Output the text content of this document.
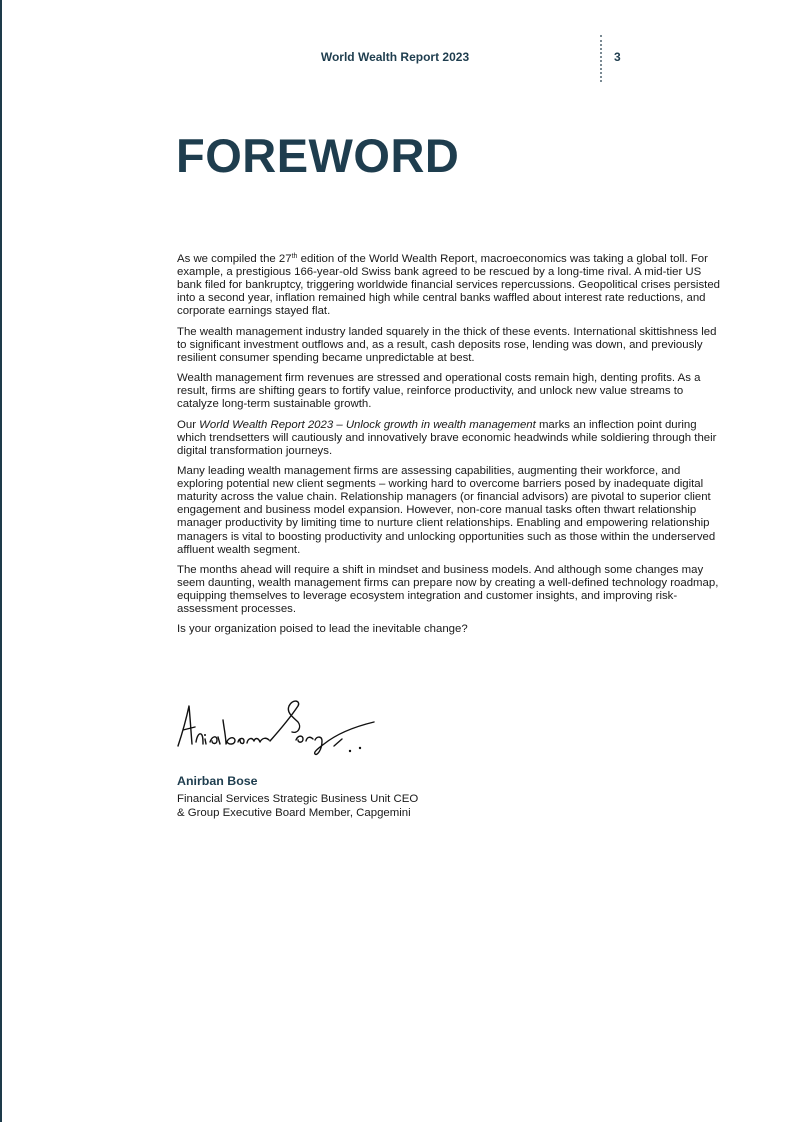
World Wealth Report 2023	3
FOREWORD

As we compiled the 27th edition of the World Wealth Report, macroeconomics was taking a global toll. For example, a prestigious 166-year-old Swiss bank agreed to be rescued by a long-time rival. A mid-tier US bank filed for bankruptcy, triggering worldwide financial services repercussions. Geopolitical crises persisted into a second year, inflation remained high while central banks waffled about interest rate reductions, and corporate earnings stayed flat.

The wealth management industry landed squarely in the thick of these events. International skittishness led to significant investment outflows and, as a result, cash deposits rose, lending was down, and previously resilient consumer spending became unpredictable at best.

Wealth management firm revenues are stressed and operational costs remain high, denting profits. As a result, firms are shifting gears to fortify value, reinforce productivity, and unlock new value streams to catalyze long-term sustainable growth.

Our World Wealth Report 2023 – Unlock growth in wealth management marks an inflection point during which trendsetters will cautiously and innovatively brave economic headwinds while soldiering through their digital transformation journeys.

Many leading wealth management firms are assessing capabilities, augmenting their workforce, and exploring potential new client segments – working hard to overcome barriers posed by inadequate digital maturity across the value chain. Relationship managers (or financial advisors) are pivotal to superior client engagement and business model expansion. However, non-core manual tasks often thwart relationship manager productivity by limiting time to nurture client relationships. Enabling and empowering relationship managers is vital to boosting productivity and unlocking opportunities such as those within the underserved affluent wealth segment.

The months ahead will require a shift in mindset and business models. And although some changes may seem daunting, wealth management firms can prepare now by creating a well-defined technology roadmap, equipping themselves to leverage ecosystem integration and customer insights, and improving risk-assessment processes.

Is your organization poised to lead the inevitable change?

Anirban Bose
Financial Services Strategic Business Unit CEO
& Group Executive Board Member, Capgemini
